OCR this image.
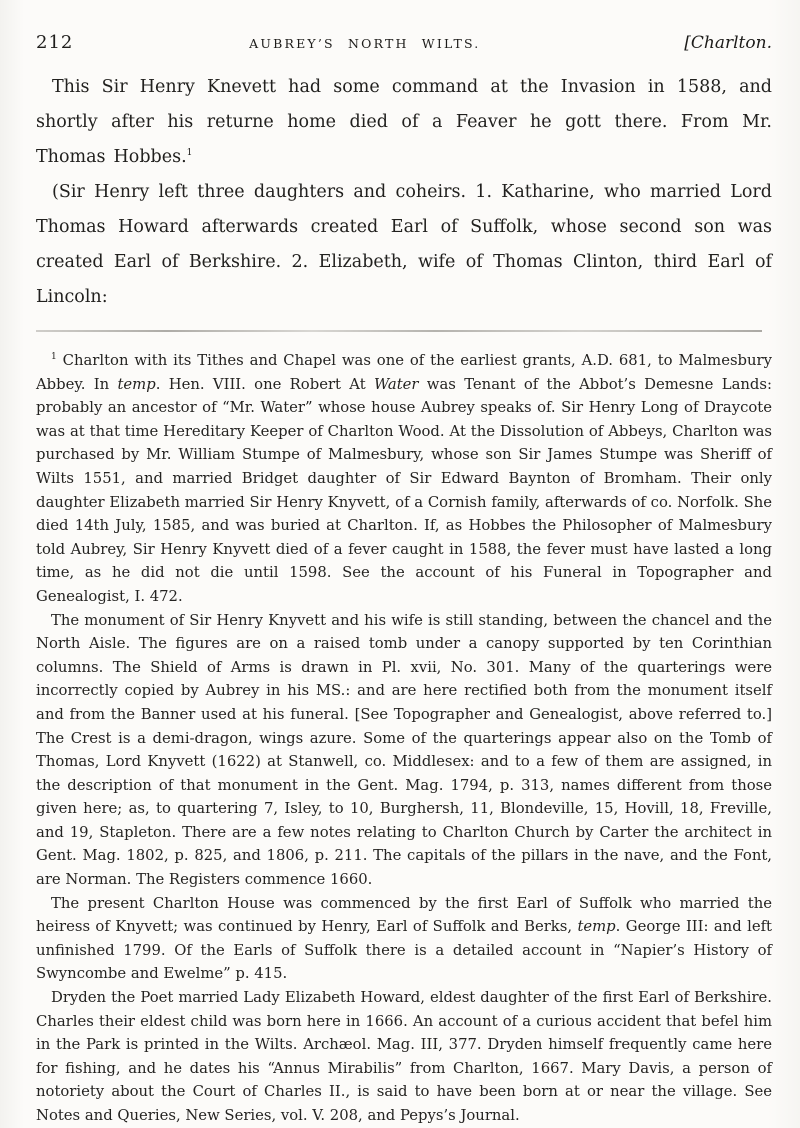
212	AUBREY’S NORTH WILTS.	[Charlton.

This Sir Henry Knevett had some command at the Invasion in 1588, and shortly after his returne home died of a Feaver he gott there. From Mr. Thomas Hobbes.$^1$

(Sir Henry left three daughters and coheirs. 1. Katharine, who married Lord Thomas Howard afterwards created Earl of Suffolk, whose second son was created Earl of Berkshire. 2. Elizabeth, wife of Thomas Clinton, third Earl of Lincoln:

$^1$ Charlton with its Tithes and Chapel was one of the earliest grants, A.D. 681, to Malmesbury Abbey. In temp. Hen. VIII. one Robert At Water was Tenant of the Abbot’s Demesne Lands: probably an ancestor of “Mr. Water” whose house Aubrey speaks of. Sir Henry Long of Draycote was at that time Hereditary Keeper of Charlton Wood. At the Dissolution of Abbeys, Charlton was purchased by Mr. William Stumpe of Malmesbury, whose son Sir James Stumpe was Sheriff of Wilts 1551, and married Bridget daughter of Sir Edward Baynton of Bromham. Their only daughter Elizabeth married Sir Henry Knyvett, of a Cornish family, afterwards of co. Norfolk. She died 14th July, 1585, and was buried at Charlton. If, as Hobbes the Philosopher of Malmesbury told Aubrey, Sir Henry Knyvett died of a fever caught in 1588, the fever must have lasted a long time, as he did not die until 1598. See the account of his Funeral in Topographer and Genealogist, I. 472.

The monument of Sir Henry Knyvett and his wife is still standing, between the chancel and the North Aisle. The figures are on a raised tomb under a canopy supported by ten Corinthian columns. The Shield of Arms is drawn in Pl. xvii, No. 301. Many of the quarterings were incorrectly copied by Aubrey in his MS.: and are here rectified both from the monument itself and from the Banner used at his funeral. [See Topographer and Genealogist, above referred to.] The Crest is a demi-dragon, wings azure. Some of the quarterings appear also on the Tomb of Thomas, Lord Knyvett (1622) at Stanwell, co. Middlesex: and to a few of them are assigned, in the description of that monument in the Gent. Mag. 1794, p. 313, names different from those given here; as, to quartering 7, Isley, to 10, Burghersh, 11, Blondeville, 15, Hovill, 18, Freville, and 19, Stapleton. There are a few notes relating to Charlton Church by Carter the architect in Gent. Mag. 1802, p. 825, and 1806, p. 211. The capitals of the pillars in the nave, and the Font, are Norman. The Registers commence 1660.

The present Charlton House was commenced by the first Earl of Suffolk who married the heiress of Knyvett; was continued by Henry, Earl of Suffolk and Berks, temp. George III: and left unfinished 1799. Of the Earls of Suffolk there is a detailed account in “Napier’s History of Swyncombe and Ewelme” p. 415.

Dryden the Poet married Lady Elizabeth Howard, eldest daughter of the first Earl of Berkshire. Charles their eldest child was born here in 1666. An account of a curious accident that befel him in the Park is printed in the Wilts. Archæol. Mag. III, 377. Dryden himself frequently came here for fishing, and he dates his “Annus Mirabilis” from Charlton, 1667. Mary Davis, a person of notoriety about the Court of Charles II., is said to have been born at or near the village. See Notes and Queries, New Series, vol. V. 208, and Pepys’s Journal.
